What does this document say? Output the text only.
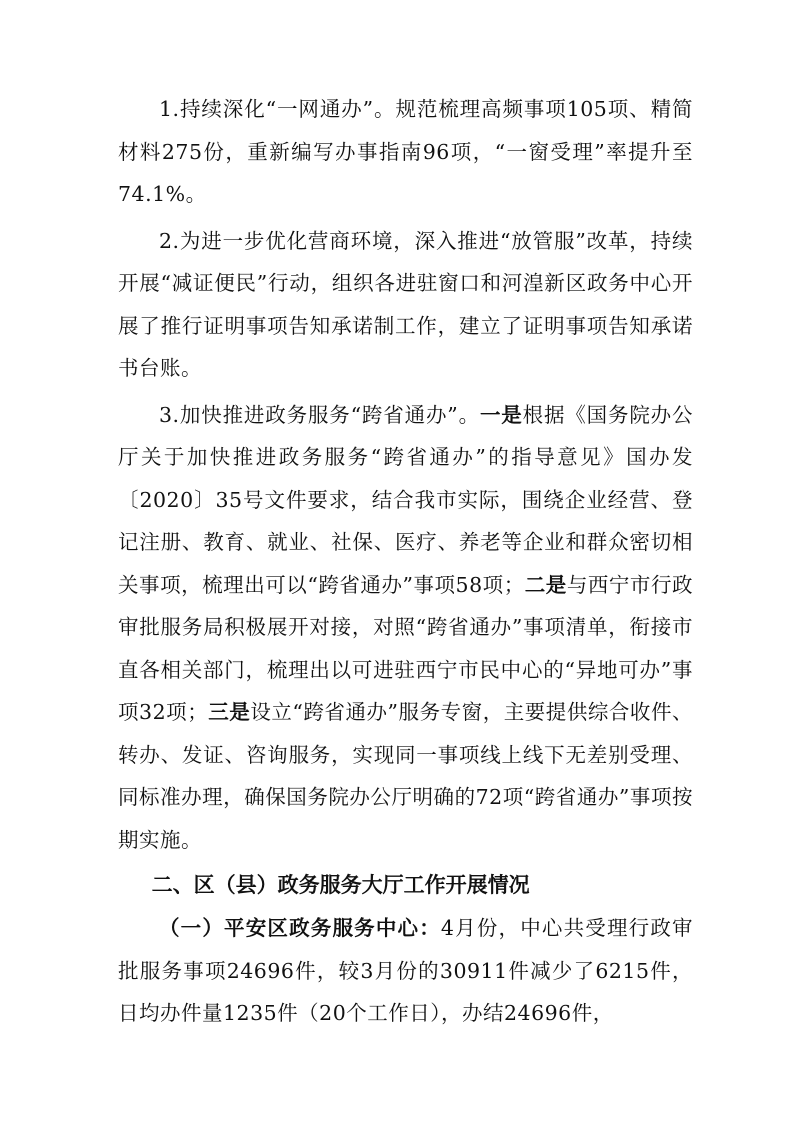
1.持续深化“一网通办”。规范梳理高频事项105项、精简材料275份，重新编写办事指南96项，“一窗受理”率提升至74.1%。

2.为进一步优化营商环境，深入推进“放管服”改革，持续开展“减证便民”行动，组织各进驻窗口和河湟新区政务中心开展了推行证明事项告知承诺制工作，建立了证明事项告知承诺书台账。

3.加快推进政务服务“跨省通办”。一是根据《国务院办公厅关于加快推进政务服务“跨省通办”的指导意见》国办发〔2020〕35号文件要求，结合我市实际，围绕企业经营、登记注册、教育、就业、社保、医疗、养老等企业和群众密切相关事项，梳理出可以“跨省通办”事项58项；二是与西宁市行政审批服务局积极展开对接，对照“跨省通办”事项清单，衔接市直各相关部门，梳理出以可进驻西宁市民中心的“异地可办”事项32项；三是设立“跨省通办”服务专窗，主要提供综合收件、转办、发证、咨询服务，实现同一事项线上线下无差别受理、同标准办理，确保国务院办公厅明确的72项“跨省通办”事项按期实施。

二、区（县）政务服务大厅工作开展情况

（一）平安区政务服务中心：4月份，中心共受理行政审批服务事项24696件，较3月份的30911件减少了6215件，日均办件量1235件（20个工作日），办结24696件，
